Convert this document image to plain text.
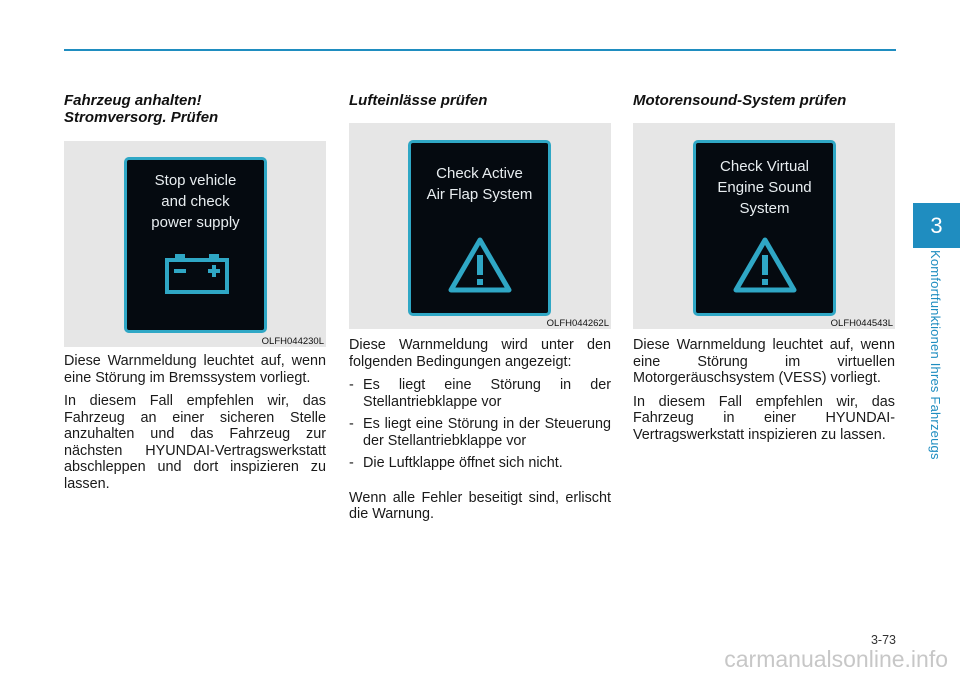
Fahrzeug anhalten!
Stromversorg. Prüfen
Stop vehicle
and check
power supply
OLFH044230L

Diese Warnmeldung leuchtet auf, wenn eine Störung im Bremssystem vorliegt.

In diesem Fall empfehlen wir, das Fahrzeug an einer sicheren Stelle anzuhalten und das Fahrzeug zur nächsten HYUNDAI-Vertragswerkstatt abschleppen und dort inspizieren zu lassen.

Lufteinlässe prüfen
Check Active
Air Flap System
OLFH044262L

Diese Warnmeldung wird unter den folgenden Bedingungen angezeigt:

- Es liegt eine Störung in der Stellantriebklappe vor
- Es liegt eine Störung in der Steuerung der Stellantriebklappe vor
- Die Luftklappe öffnet sich nicht.

Wenn alle Fehler beseitigt sind, erlischt die Warnung.

Motorensound-System prüfen
Check Virtual
Engine Sound
System
OLFH044543L

Diese Warnmeldung leuchtet auf, wenn eine Störung im virtuellen Motorgeräuschsystem (VESS) vorliegt.

In diesem Fall empfehlen wir, das Fahrzeug in einer HYUNDAI-Vertragswerkstatt inspizieren zu lassen.

3
Komfortfunktionen Ihres Fahrzeugs
3-73
carmanualsonline.info
